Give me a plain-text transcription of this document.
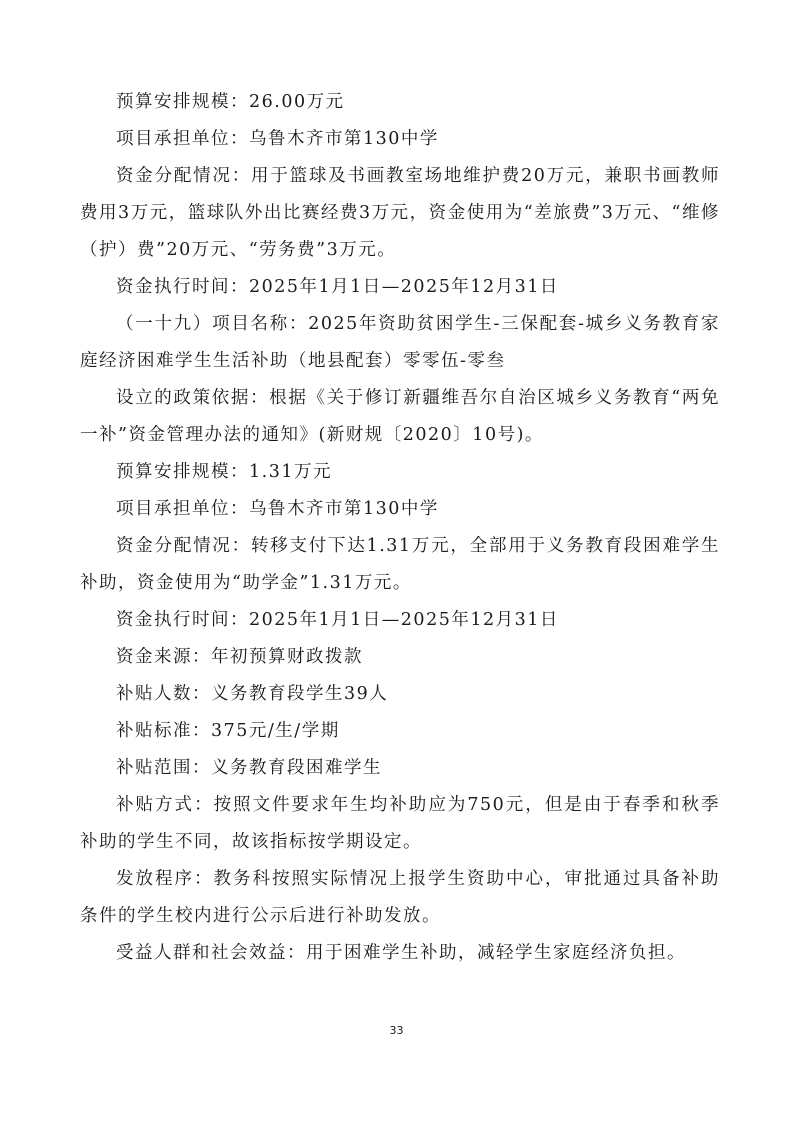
预算安排规模：26.00万元

项目承担单位：乌鲁木齐市第130中学

资金分配情况：用于篮球及书画教室场地维护费20万元，兼职书画教师费用3万元，篮球队外出比赛经费3万元，资金使用为“差旅费”3万元、“维修（护）费”20万元、“劳务费”3万元。

资金执行时间：2025年1月1日—2025年12月31日

（一十九）项目名称：2025年资助贫困学生-三保配套-城乡义务教育家庭经济困难学生生活补助（地县配套）零零伍-零叁

设立的政策依据：根据《关于修订新疆维吾尔自治区城乡义务教育“两免一补”资金管理办法的通知》(新财规〔2020〕10号)。

预算安排规模：1.31万元

项目承担单位：乌鲁木齐市第130中学

资金分配情况：转移支付下达1.31万元，全部用于义务教育段困难学生补助，资金使用为“助学金”1.31万元。

资金执行时间：2025年1月1日—2025年12月31日

资金来源：年初预算财政拨款

补贴人数：义务教育段学生39人

补贴标准：375元/生/学期

补贴范围：义务教育段困难学生

补贴方式：按照文件要求年生均补助应为750元，但是由于春季和秋季补助的学生不同，故该指标按学期设定。

发放程序：教务科按照实际情况上报学生资助中心，审批通过具备补助条件的学生校内进行公示后进行补助发放。

受益人群和社会效益：用于困难学生补助，减轻学生家庭经济负担。

33
